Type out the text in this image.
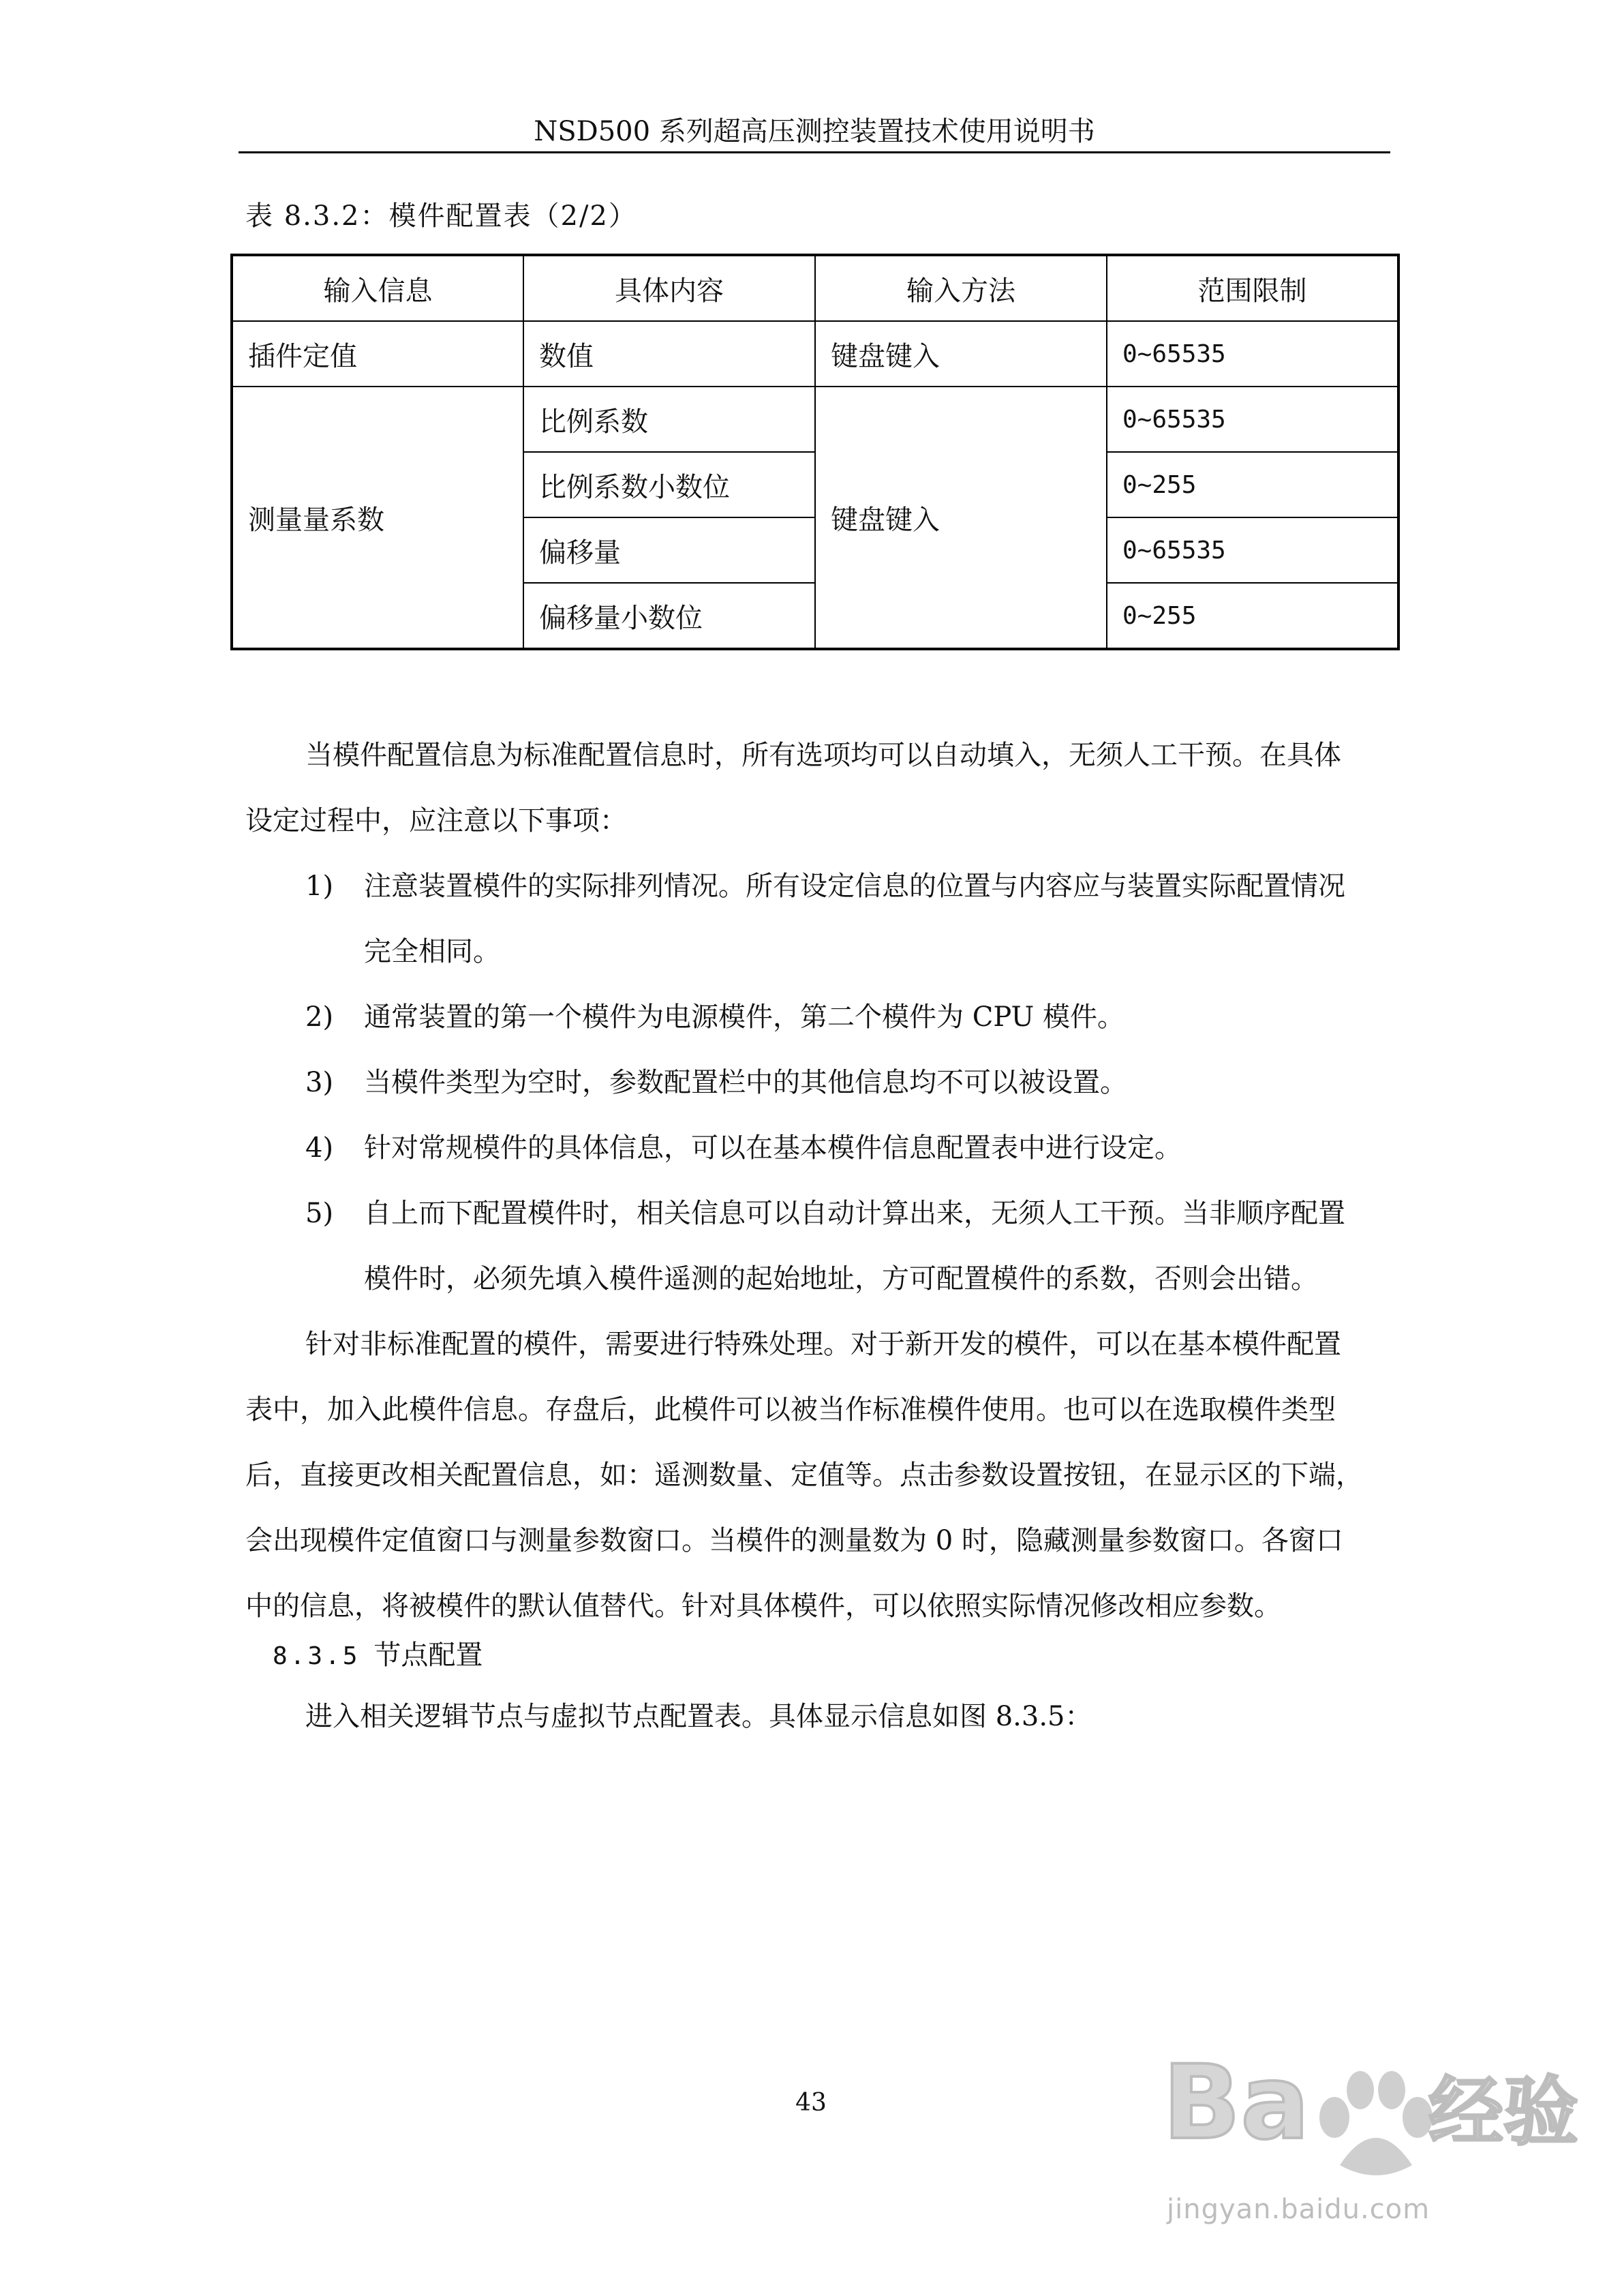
NSD500 系列超高压测控装置技术使用说明书
表 8.3.2：模件配置表（2/2）
输入信息	具体内容	输入方法	范围限制
插件定值	数值	键盘键入	0~65535
测量量系数	比例系数	键盘键入	0~65535
	比例系数小数位		0~255
	偏移量		0~65535
	偏移量小数位		0~255
当模件配置信息为标准配置信息时，所有选项均可以自动填入，无须人工干预。在具体
设定过程中，应注意以下事项：
1) 注意装置模件的实际排列情况。所有设定信息的位置与内容应与装置实际配置情况
完全相同。
2) 通常装置的第一个模件为电源模件，第二个模件为 CPU 模件。
3) 当模件类型为空时，参数配置栏中的其他信息均不可以被设置。
4) 针对常规模件的具体信息，可以在基本模件信息配置表中进行设定。
5) 自上而下配置模件时，相关信息可以自动计算出来，无须人工干预。当非顺序配置
模件时，必须先填入模件遥测的起始地址，方可配置模件的系数，否则会出错。
针对非标准配置的模件，需要进行特殊处理。对于新开发的模件，可以在基本模件配置
表中，加入此模件信息。存盘后，此模件可以被当作标准模件使用。也可以在选取模件类型
后，直接更改相关配置信息，如：遥测数量、定值等。点击参数设置按钮，在显示区的下端，
会出现模件定值窗口与测量参数窗口。当模件的测量数为 0 时，隐藏测量参数窗口。各窗口
中的信息，将被模件的默认值替代。针对具体模件，可以依照实际情况修改相应参数。
8.3.5 节点配置
进入相关逻辑节点与虚拟节点配置表。具体显示信息如图 8.3.5：
43	Ba 经验
jingyan.baidu.com
